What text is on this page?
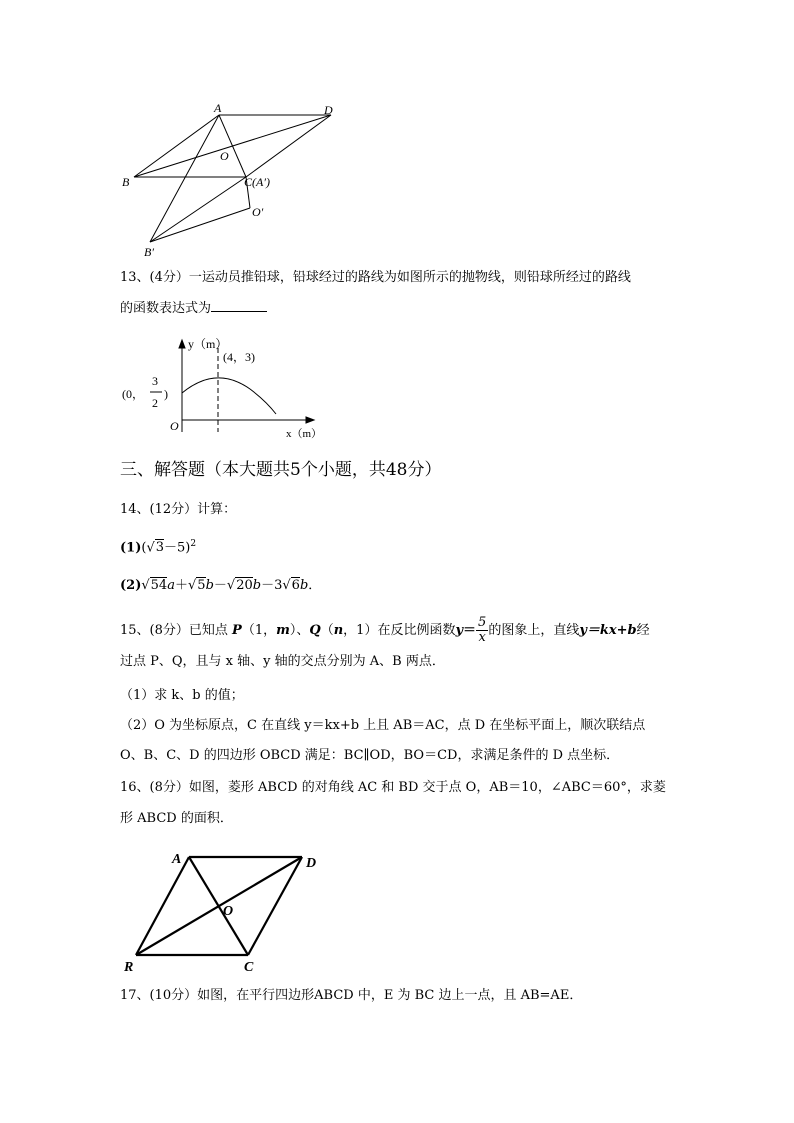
A	D
O
B	C(A′)
O′
B′
13、(4分）一运动员推铅球，铅球经过的路线为如图所示的抛物线，则铅球所经过的路线
的函数表达式为
y（m）
x（m）
O
(4，3)
(0，
3
2
)
三、解答题（本大题共5个小题，共48分）
14、(12分）计算：
$(1)(√3-5)^2$
(2)√54a＋√5b－√20b－3√6b．
15、(8分）已知点 P（1，m）、Q（n，1）在反比例函数$y= \frac{5}{x}$ 的图象上，直线y＝kx+b经
过点 P、Q，且与 x 轴、y 轴的交点分别为 A、B 两点．
（1）求 k、b 的值；
（2）O 为坐标原点，C 在直线 y＝kx+b 上且 AB＝AC，点 D 在坐标平面上，顺次联结点
O、B、C、D 的四边形 OBCD 满足：BC∥OD，BO＝CD，求满足条件的 D 点坐标．
16、(8分）如图，菱形 ABCD 的对角线 AC 和 BD 交于点 O，AB＝10，∠ABC＝60°，求菱
形 ABCD 的面积．
A	D
O
R	C
17、(10分）如图，在平行四边形ABCD 中，E 为 BC 边上一点，且 AB=AE．
